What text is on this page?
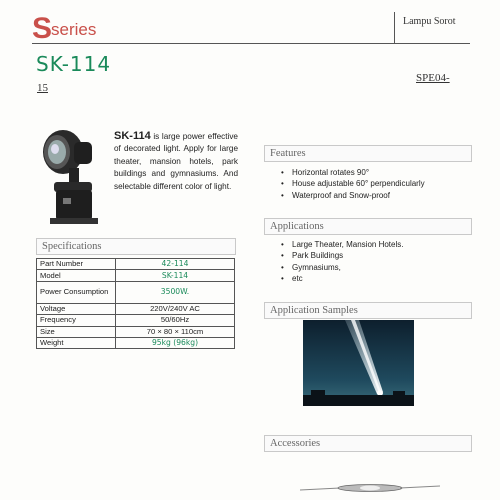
Sseries	Lampu Sorot
SK-114
SPE04-
15
SK-114 is large power effective of decorated light. Apply for large theater, mansion hotels, park buildings and gymnasiums. And selectable different color of light.
Features
• Horizontal rotates 90°
• House adjustable 60° perpendicularly
• Waterproof and Snow-proof
Applications
• Large Theater, Mansion Hotels.
• Park Buildings
• Gymnasiums,
• etc
Specifications
Part Number	42-114
Model	SK-114
Power Consumption	3500W.
Voltage	220V/240V AC
Frequency	50/60Hz
Size	70 × 80 × 110cm
Weight	95kg (96kg)
Application Samples
Accessories
